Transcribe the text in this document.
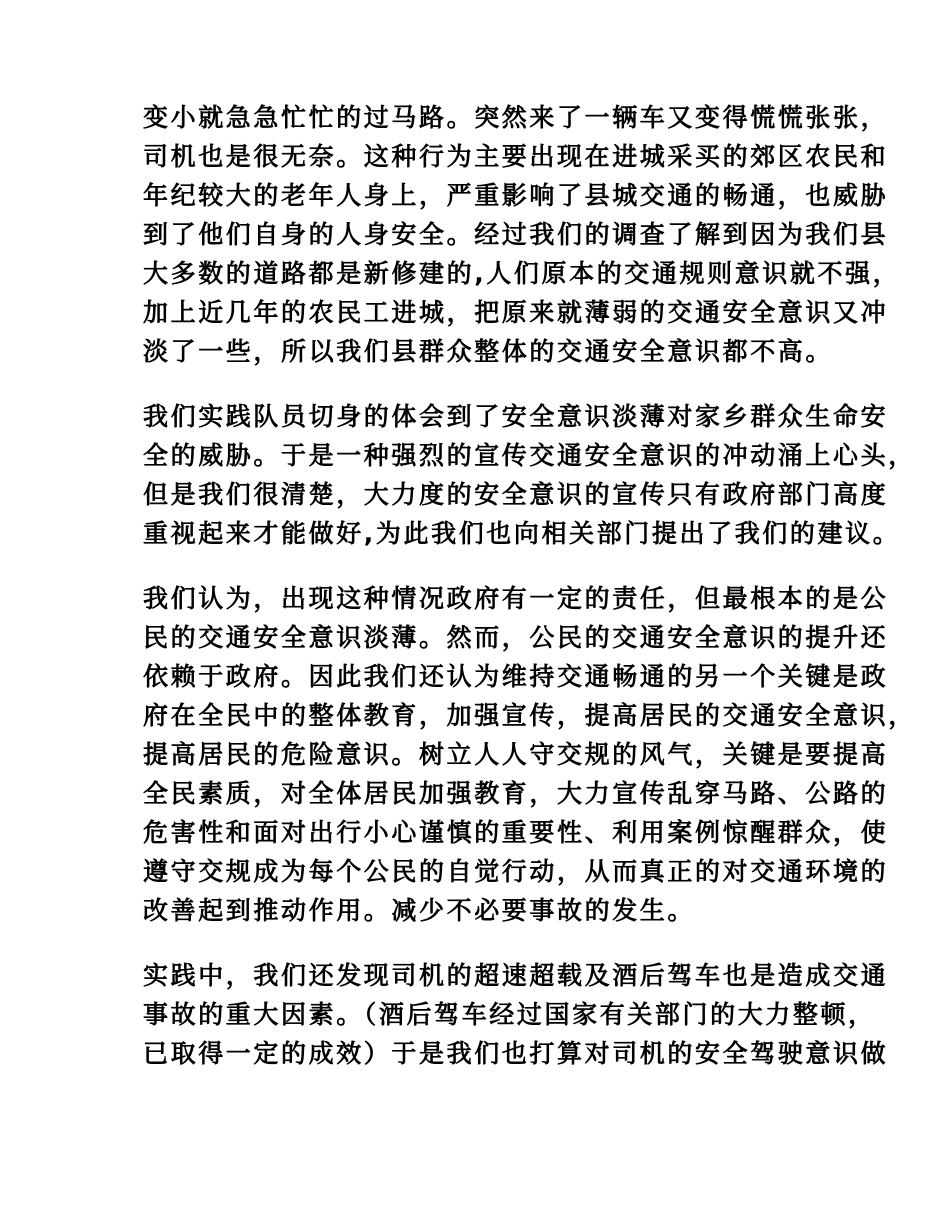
变小就急急忙忙的过马路。突然来了一辆车又变得慌慌张张，
司机也是很无奈。这种行为主要出现在进城采买的郊区农民和
年纪较大的老年人身上，严重影响了县城交通的畅通，也威胁
到了他们自身的人身安全。经过我们的调查了解到因为我们县
大多数的道路都是新修建的,人们原本的交通规则意识就不强，
加上近几年的农民工进城，把原来就薄弱的交通安全意识又冲
淡了一些，所以我们县群众整体的交通安全意识都不高。

我们实践队员切身的体会到了安全意识淡薄对家乡群众生命安
全的威胁。于是一种强烈的宣传交通安全意识的冲动涌上心头，
但是我们很清楚，大力度的安全意识的宣传只有政府部门高度
重视起来才能做好,为此我们也向相关部门提出了我们的建议。

我们认为，出现这种情况政府有一定的责任，但最根本的是公
民的交通安全意识淡薄。然而，公民的交通安全意识的提升还
依赖于政府。因此我们还认为维持交通畅通的另一个关键是政
府在全民中的整体教育，加强宣传，提高居民的交通安全意识，
提高居民的危险意识。树立人人守交规的风气，关键是要提高
全民素质，对全体居民加强教育，大力宣传乱穿马路、公路的
危害性和面对出行小心谨慎的重要性、利用案例惊醒群众，使
遵守交规成为每个公民的自觉行动，从而真正的对交通环境的
改善起到推动作用。减少不必要事故的发生。

实践中，我们还发现司机的超速超载及酒后驾车也是造成交通
事故的重大因素。（酒后驾车经过国家有关部门的大力整顿，
已取得一定的成效）于是我们也打算对司机的安全驾驶意识做
